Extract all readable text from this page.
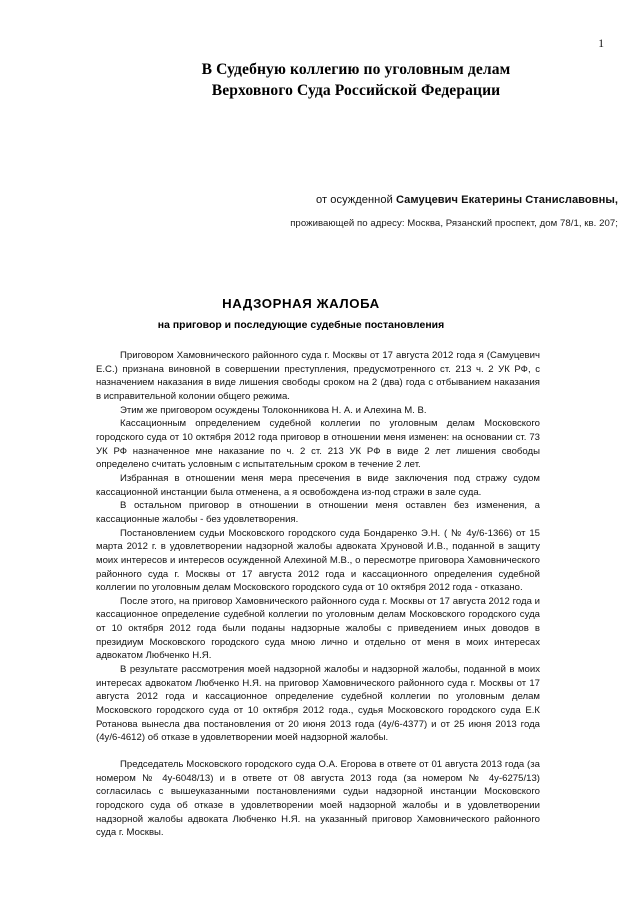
1
В Судебную коллегию по уголовным делам
Верховного Суда Российской Федерации
от осужденной Самуцевич Екатерины Станиславовны,
проживающей по адресу: Москва, Рязанский проспект, дом 78/1, кв. 207;
НАДЗОРНАЯ ЖАЛОБА
на приговор и последующие судебные постановления

Приговором Хамовнического районного суда г. Москвы от 17 августа 2012 года я (Самуцевич Е.С.) признана виновной в совершении преступления, предусмотренного ст. 213 ч. 2 УК РФ, с назначением наказания в виде лишения свободы сроком на 2 (два) года с отбыванием наказания в исправительной колонии общего режима.

Этим же приговором осуждены Толоконникова Н. А. и Алехина М. В.

Кассационным определением судебной коллегии по уголовным делам Московского городского суда от 10 октября 2012 года приговор в отношении меня изменен: на основании ст. 73 УК РФ назначенное мне наказание по ч. 2 ст. 213 УК РФ в виде 2 лет лишения свободы определено считать условным с испытательным сроком в течение 2 лет.

Избранная в отношении меня мера пресечения в виде заключения под стражу судом кассационной инстанции была отменена, а я освобождена из-под стражи в зале суда.

В остальном приговор в отношении в отношении меня оставлен без изменения, а кассационные жалобы - без удовлетворения.

Постановлением судьи Московского городского суда Бондаренко Э.Н. ( № 4у/6-1366) от 15 марта 2012 г. в удовлетворении надзорной жалобы адвоката Хруновой И.В., поданной в защиту моих интересов и интересов осужденной Алехиной М.В., о пересмотре приговора Хамовнического районного суда г. Москвы от 17 августа 2012 года и кассационного определения судебной коллегии по уголовным делам Московского городского суда от 10 октября 2012 года - отказано.

После этого, на приговор Хамовнического районного суда г. Москвы от 17 августа 2012 года и кассационное определение судебной коллегии по уголовным делам Московского городского суда от 10 октября 2012 года были поданы надзорные жалобы с приведением иных доводов в президиум Московского городского суда мною лично и отдельно от меня в моих интересах адвокатом Любченко Н.Я.

В результате рассмотрения моей надзорной жалобы и надзорной жалобы, поданной в моих интересах адвокатом Любченко Н.Я. на приговор Хамовнического районного суда г. Москвы от 17 августа 2012 года и кассационное определение судебной коллегии по уголовным делам Московского городского суда от 10 октября 2012 года., судья Московского городского суда Е.К Ротанова вынесла два постановления от 20 июня 2013 года (4у/6-4377) и от 25 июня 2013 года (4у/6-4612) об отказе в удовлетворении моей надзорной жалобы.

Председатель Московского городского суда О.А. Егорова в ответе от 01 августа 2013 года (за номером № 4у-6048/13) и в ответе от 08 августа 2013 года (за номером № 4у-6275/13) согласилась с вышеуказанными постановлениями судьи надзорной инстанции Московского городского суда об отказе в удовлетворении моей надзорной жалобы и в удовлетворении надзорной жалобы адвоката Любченко Н.Я. на указанный приговор Хамовнического районного суда г. Москвы.
